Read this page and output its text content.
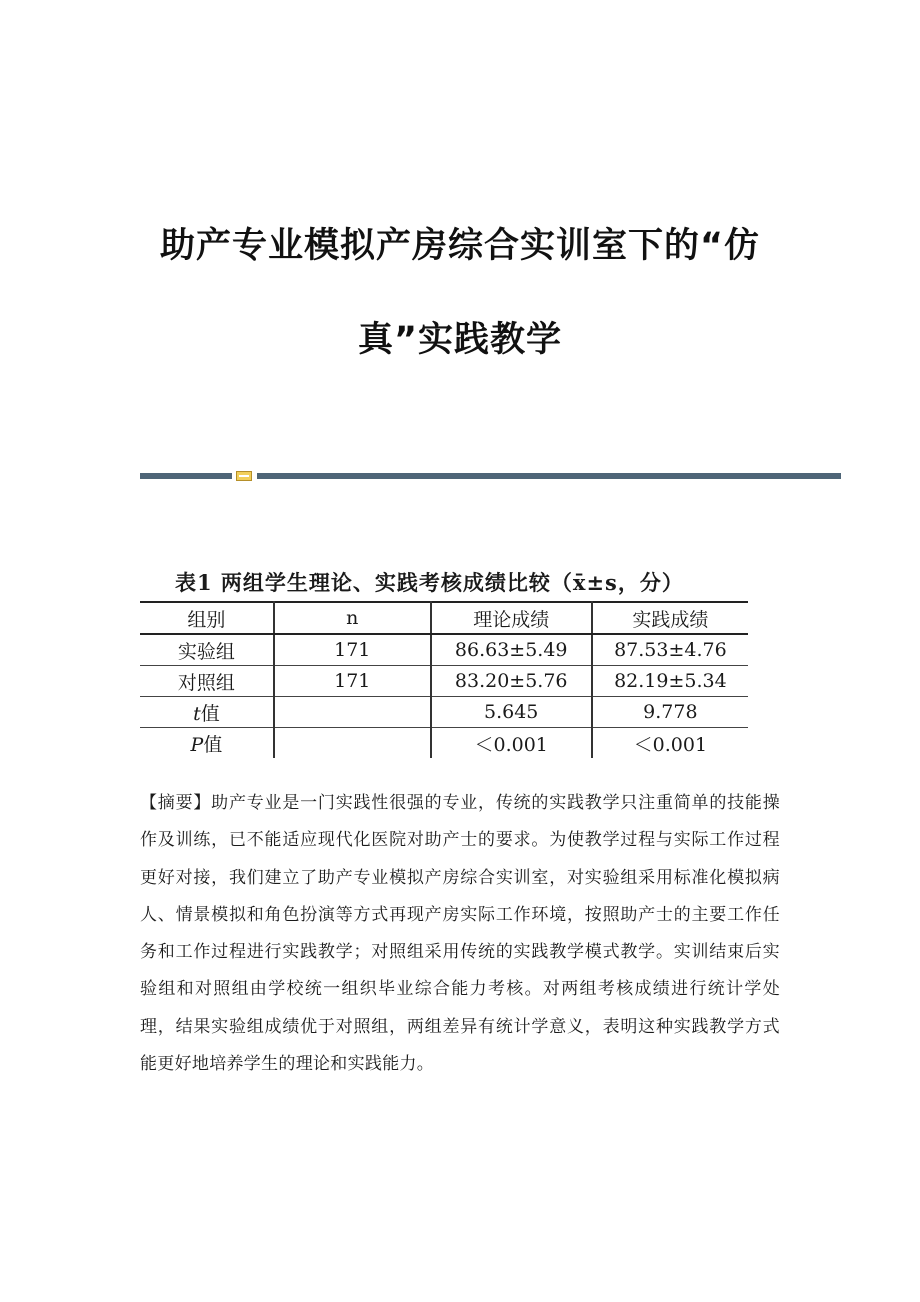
助产专业模拟产房综合实训室下的“仿
真”实践教学
表1 两组学生理论、实践考核成绩比较（x̄±s，分）
组别	n	理论成绩	实践成绩
实验组	171	86.63±5.49	87.53±4.76
对照组	171	83.20±5.76	82.19±5.34
t值		5.645	9.778
P值		＜0.001	＜0.001
【摘要】助产专业是一门实践性很强的专业，传统的实践教学只注重简单的技能操作及训练，已不能适应现代化医院对助产士的要求。为使教学过程与实际工作过程更好对接，我们建立了助产专业模拟产房综合实训室，对实验组采用标准化模拟病人、情景模拟和角色扮演等方式再现产房实际工作环境，按照助产士的主要工作任务和工作过程进行实践教学；对照组采用传统的实践教学模式教学。实训结束后实验组和对照组由学校统一组织毕业综合能力考核。对两组考核成绩进行统计学处理，结果实验组成绩优于对照组，两组差异有统计学意义，表明这种实践教学方式能更好地培养学生的理论和实践能力。
